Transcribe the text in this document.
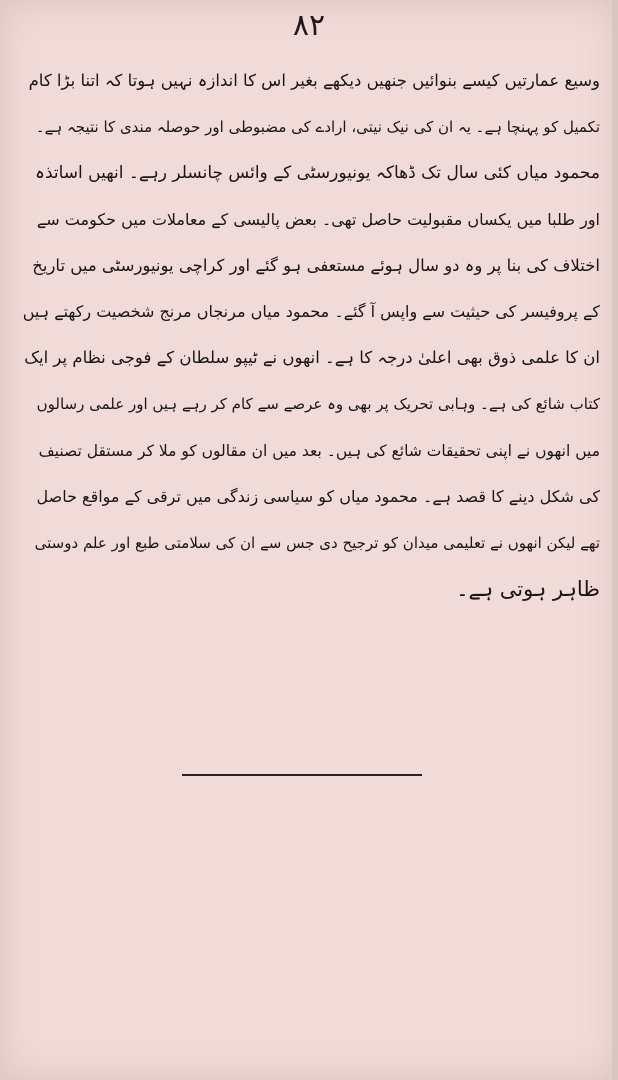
٨٢
وسیع عمارتیں کیسے بنوائیں جنھیں دیکھے بغیر اس کا اندازہ نہیں ہوتا کہ اتنا بڑا کام
تکمیل کو پہنچا ہے۔ یہ ان کی نیک نیتی، ارادے کی مضبوطی اور حوصلہ مندی کا نتیجہ ہے۔
محمود میاں کئی سال تک ڈھاکہ یونیورسٹی کے وائس چانسلر رہے۔ انھیں اساتذہ
اور طلبا میں یکساں مقبولیت حاصل تھی۔ بعض پالیسی کے معاملات میں حکومت سے
اختلاف کی بنا پر وہ دو سال ہوئے مستعفی ہو گئے اور کراچی یونیورسٹی میں تاریخ
کے پروفیسر کی حیثیت سے واپس آ گئے۔ محمود میاں مرنجاں مرنج شخصیت رکھتے ہیں
ان کا علمی ذوق بھی اعلیٰ درجہ کا ہے۔ انھوں نے ٹیپو سلطان کے فوجی نظام پر ایک
کتاب شائع کی ہے۔ وہابی تحریک پر بھی وہ عرصے سے کام کر رہے ہیں اور علمی رسالوں
میں انھوں نے اپنی تحقیقات شائع کی ہیں۔ بعد میں ان مقالوں کو ملا کر مستقل تصنیف
کی شکل دینے کا قصد ہے۔ محمود میاں کو سیاسی زندگی میں ترقی کے مواقع حاصل
تھے لیکن انھوں نے تعلیمی میدان کو ترجیح دی جس سے ان کی سلامتی طبع اور علم دوستی
ظاہر ہوتی ہے۔
